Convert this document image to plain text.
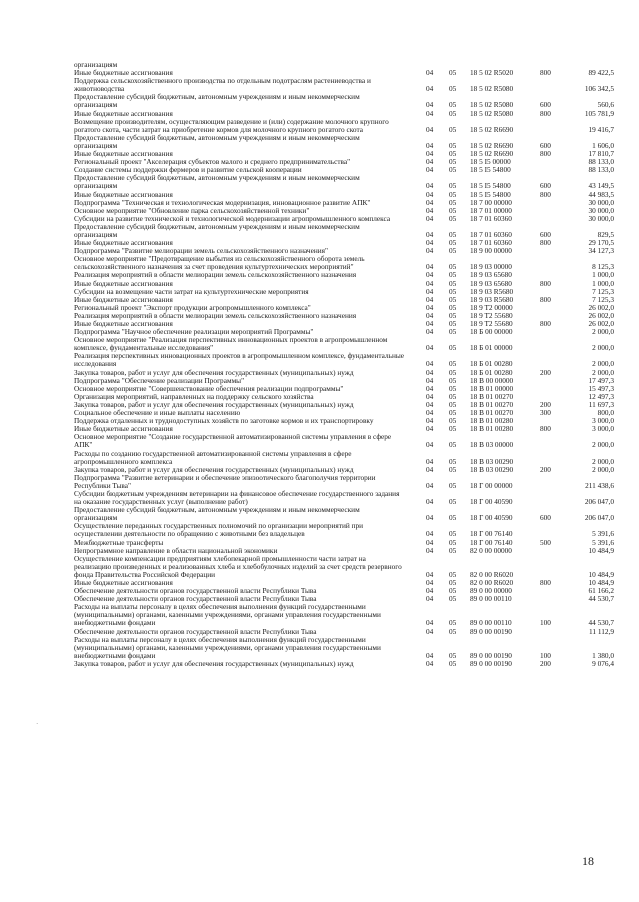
организациям
Иные бюджетные ассигнования	04 05 18 5 02 R5020	800	89 422,5
Поддержка сельскохозяйственного производства по отдельным подотраслям растениеводства и животноводства	04 05 18 5 02 R5080	106 342,5
Предоставление субсидий бюджетным, автономным учреждениям и иным некоммерческим организациям	04 05 18 5 02 R5080	600	560,6
Иные бюджетные ассигнования	04 05 18 5 02 R5080	800	105 781,9
Возмещение производителям, осуществляющим разведение и (или) содержание молочного крупного рогатого скота, части затрат на приобретение кормов для молочного крупного рогатого скота	04 05 18 5 02 R6690	19 416,7
Предоставление субсидий бюджетным, автономным учреждениям и иным некоммерческим организациям	04 05 18 5 02 R6690	600	1 606,0
Иные бюджетные ассигнования	04 05 18 5 02 R6690	800	17 810,7
Региональный проект "Акселерация субъектов малого и среднего предпринимательства"	04 05 18 5 I5 00000	88 133,0
Создание системы поддержки фермеров и развитие сельской кооперации	04 05 18 5 I5 54800	88 133,0
Предоставление субсидий бюджетным, автономным учреждениям и иным некоммерческим организациям	04 05 18 5 I5 54800	600	43 149,5
Иные бюджетные ассигнования	04 05 18 5 I5 54800	800	44 983,5
Подпрограмма "Техническая и технологическая модернизация, инновационное развитие АПК"	04 05 18 7 00 00000	30 000,0
Основное мероприятие "Обновление парка сельскохозяйственной техники"	04 05 18 7 01 00000	30 000,0
Субсидии на развитие технической и технологической модернизации агропромышленного комплекса	04 05 18 7 01 60360	30 000,0
Предоставление субсидий бюджетным, автономным учреждениям и иным некоммерческим организациям	04 05 18 7 01 60360	600	829,5
Иные бюджетные ассигнования	04 05 18 7 01 60360	800	29 170,5
Подпрограмма "Развитие мелиорации земель сельскохозяйственного назначения"	04 05 18 9 00 00000	34 127,3
Основное мероприятие "Предотвращение выбытия из сельскохозяйственного оборота земель сельскохозяйственного назначения за счет проведения культуртехнических мероприятий"	04 05 18 9 03 00000	8 125,3
Реализация мероприятий в области мелиорации земель сельскохозяйственного назначения	04 05 18 9 03 65680	1 000,0
Иные бюджетные ассигнования	04 05 18 9 03 65680	800	1 000,0
Субсидии на возмещение части затрат на культуртехнические мероприятия	04 05 18 9 03 R5680	7 125,3
Иные бюджетные ассигнования	04 05 18 9 03 R5680	800	7 125,3
Региональный проект "Экспорт продукции агропромышленного комплекса"	04 05 18 9 T2 00000	26 002,0
Реализация мероприятий в области мелиорации земель сельскохозяйственного назначения	04 05 18 9 T2 55680	26 002,0
Иные бюджетные ассигнования	04 05 18 9 T2 55680	800	26 002,0
Подпрограмма "Научное обеспечение реализации мероприятий Программы"	04 05 18 Б 00 00000	2 000,0
Основное мероприятие "Реализация перспективных инновационных проектов в агропромышленном комплексе, фундаментальные исследования"	04 05 18 Б 01 00000	2 000,0
Реализация перспективных инновационных проектов в агропромышленном комплексе, фундаментальные исследования	04 05 18 Б 01 00280	2 000,0
Закупка товаров, работ и услуг для обеспечения государственных (муниципальных) нужд	04 05 18 Б 01 00280	200	2 000,0
Подпрограмма "Обеспечение реализации Программы"	04 05 18 В 00 00000	17 497,3
Основное мероприятие "Совершенствование обеспечения реализации подпрограммы"	04 05 18 В 01 00000	15 497,3
Организация мероприятий, направленных на поддержку сельского хозяйства	04 05 18 В 01 00270	12 497,3
Закупка товаров, работ и услуг для обеспечения государственных (муниципальных) нужд	04 05 18 В 01 00270	200	11 697,3
Социальное обеспечение и иные выплаты населению	04 05 18 В 01 00270	300	800,0
Поддержка отдаленных и труднодоступных хозяйств по заготовке кормов и их транспортировку	04 05 18 В 01 00280	3 000,0
Иные бюджетные ассигнования	04 05 18 В 01 00280	800	3 000,0
Основное мероприятие "Создание государственной автоматизированной системы управления в сфере АПК"	04 05 18 В 03 00000	2 000,0
Расходы по созданию государственной автоматизированной системы управления в сфере агропромышленного комплекса	04 05 18 В 03 00290	2 000,0
Закупка товаров, работ и услуг для обеспечения государственных (муниципальных) нужд	04 05 18 В 03 00290	200	2 000,0
Подпрограмма "Развитие ветеринарии и обеспечение эпизоотического благополучия территории Республики Тыва"	04 05 18 Г 00 00000	211 438,6
Субсидии бюджетным учреждениям ветеринарии на финансовое обеспечение государственного задания на оказание государственных услуг (выполнение работ)	04 05 18 Г 00 40590	206 047,0
Предоставление субсидий бюджетным, автономным учреждениям и иным некоммерческим организациям	04 05 18 Г 00 40590	600	206 047,0
Осуществление переданных государственных полномочий по организации мероприятий при осуществлении деятельности по обращению с животными без владельцев	04 05 18 Г 00 76140	5 391,6
Межбюджетные трансферты	04 05 18 Г 00 76140	500	5 391,6
Непрограммное направление в области национальной экономики	04 05 82 0 00 00000	10 484,9
Осуществление компенсации предприятиям хлебопекарной промышленности части затрат на реализацию произведенных и реализованных хлеба и хлебобулочных изделий за счет средств резервного фонда Правительства Российской Федерации	04 05 82 0 00 R6020	10 484,9
Иные бюджетные ассигнования	04 05 82 0 00 R6020	800	10 484,9
Обеспечение деятельности органов государственной власти Республики Тыва	04 05 89 0 00 00000	61 166,2
Обеспечение деятельности органов государственной власти Республики Тыва	04 05 89 0 00 00110	44 530,7
Расходы на выплаты персоналу в целях обеспечения выполнения функций государственными (муниципальными) органами, казенными учреждениями, органами управления государственными внебюджетными фондами	04 05 89 0 00 00110	100	44 530,7
Обеспечение деятельности органов государственной власти Республики Тыва	04 05 89 0 00 00190	11 112,9
Расходы на выплаты персоналу в целях обеспечения выполнения функций государственными (муниципальными) органами, казенными учреждениями, органами управления государственными внебюджетными фондами	04 05 89 0 00 00190	100	1 380,0
Закупка товаров, работ и услуг для обеспечения государственных (муниципальных) нужд	04 05 89 0 00 00190	200	9 076,4
·
18
